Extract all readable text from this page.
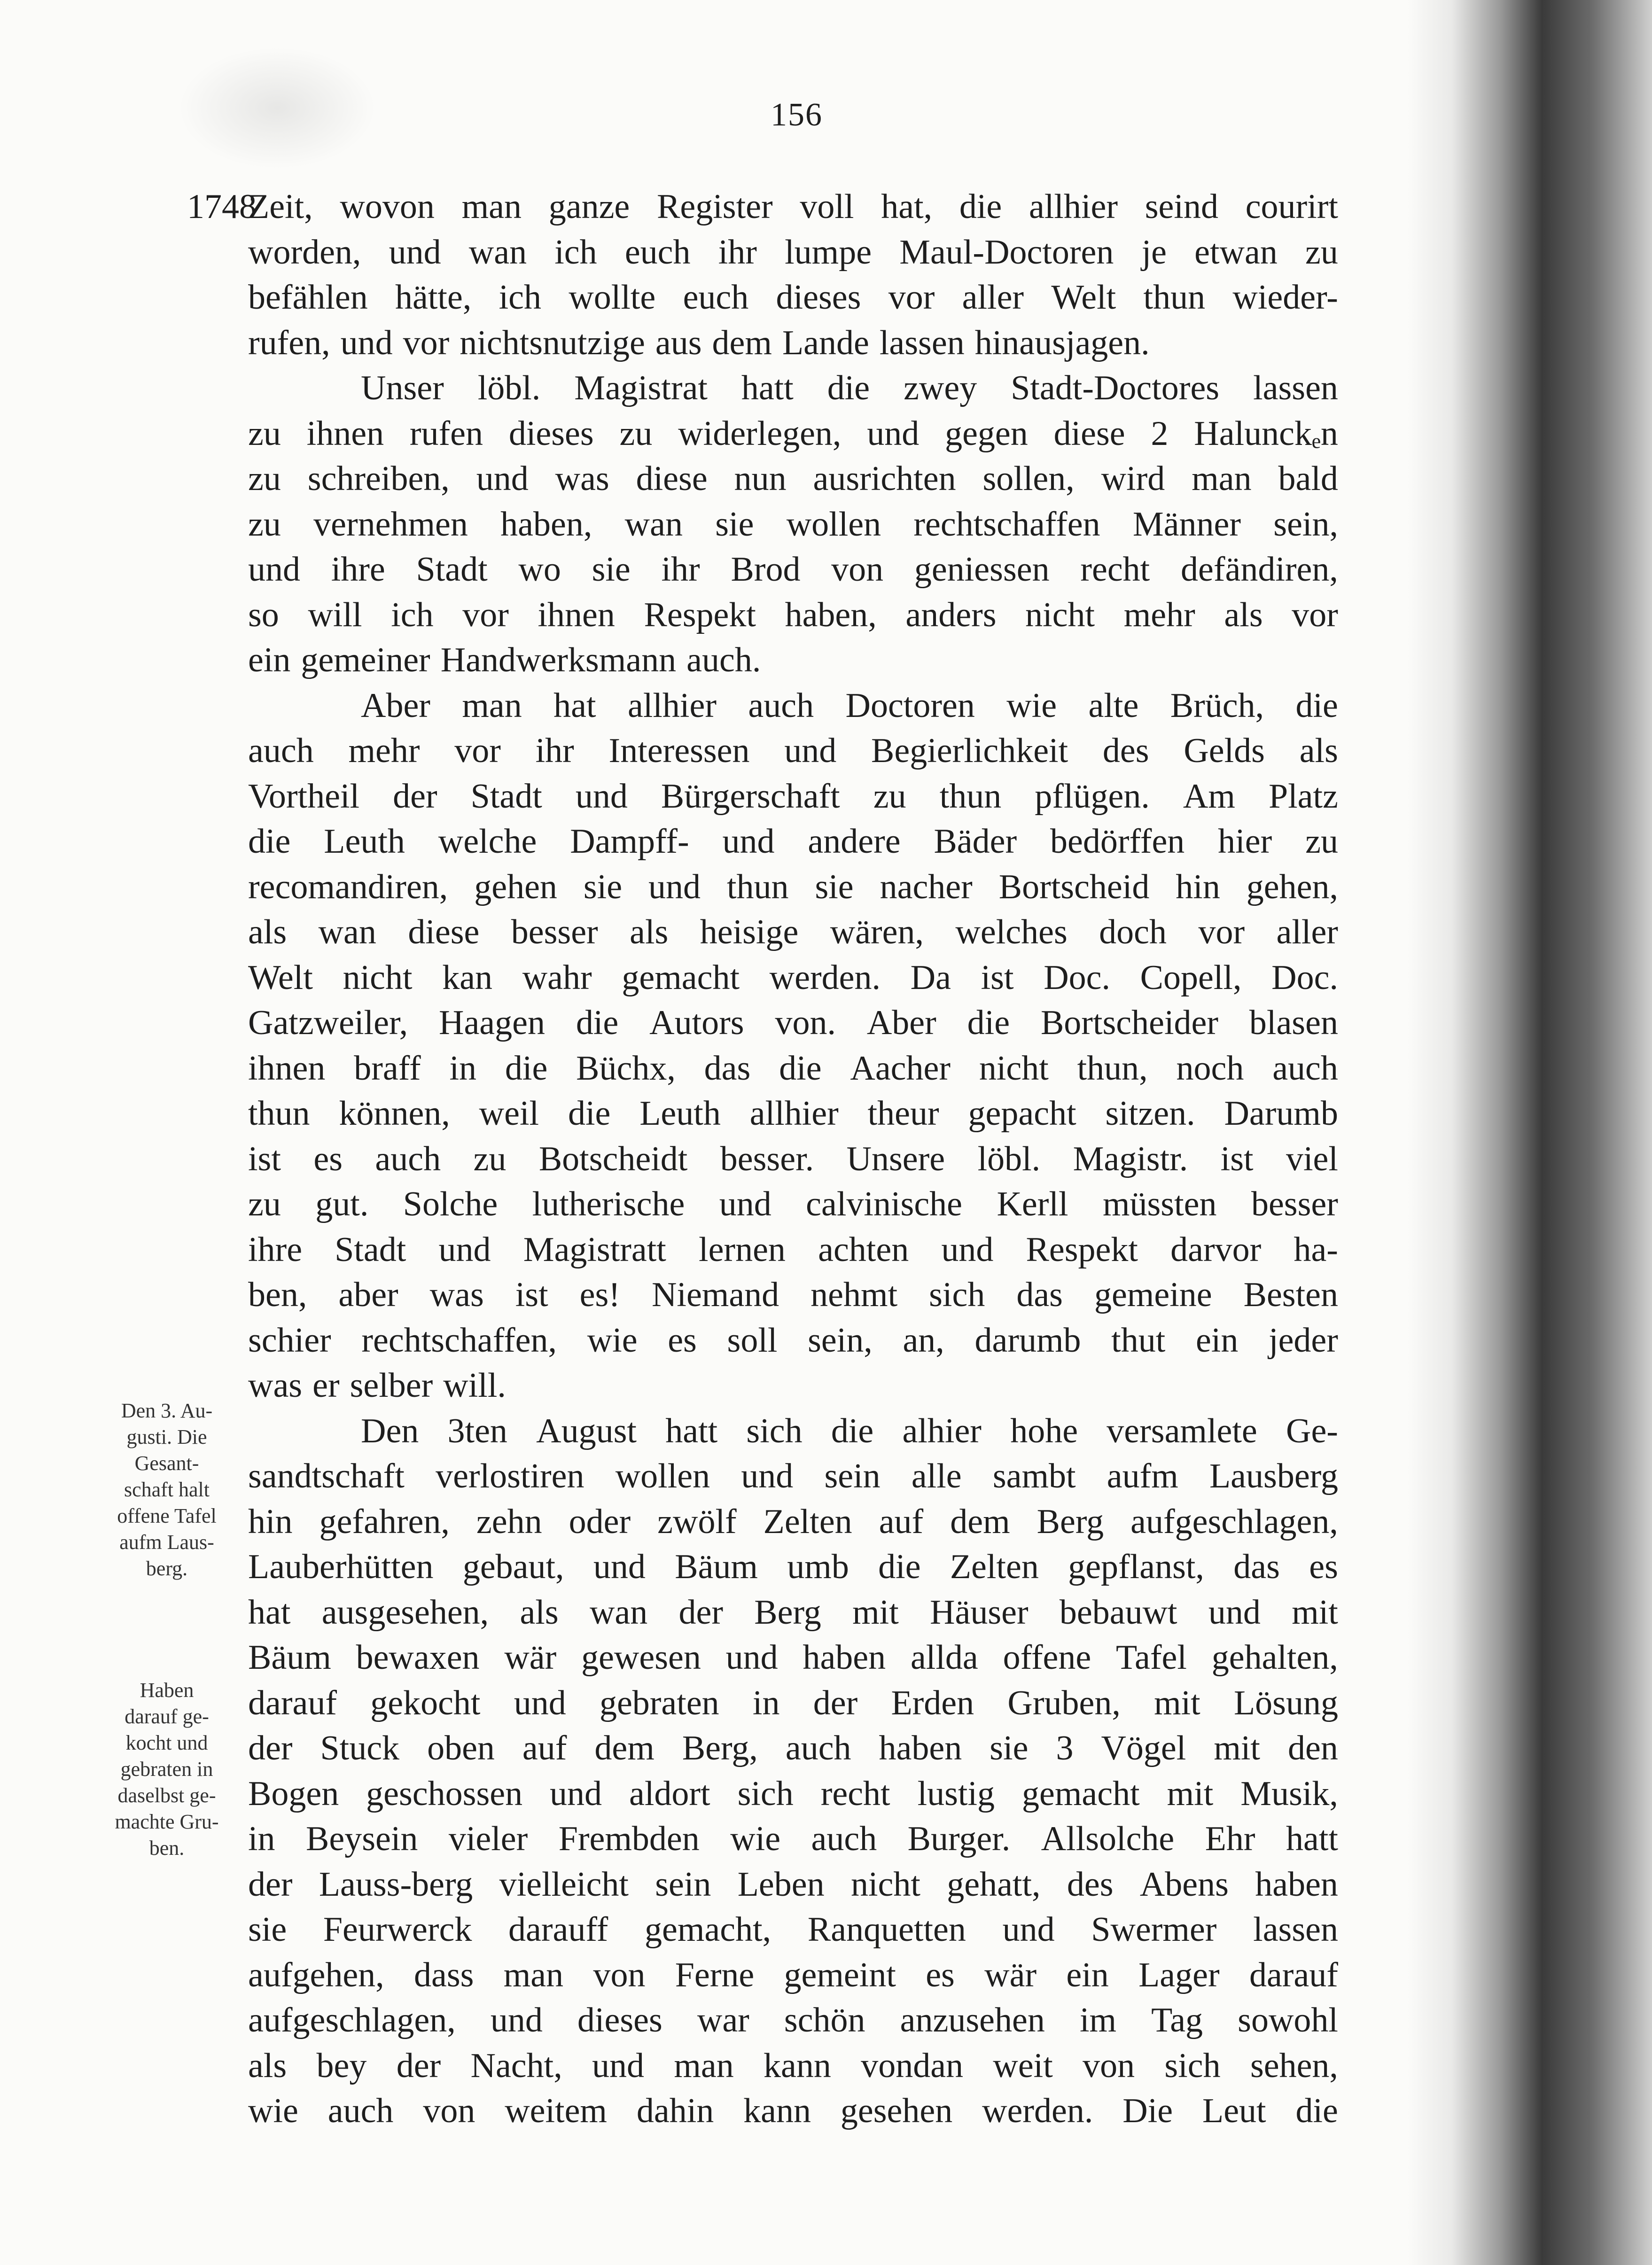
156
1748
Zeit, wovon man ganze Register voll hat, die allhier seind courirt
worden, und wan ich euch ihr lumpe Maul-Doctoren je etwan zu
befählen hätte, ich wollte euch dieses vor aller Welt thun wieder-
rufen, und vor nichtsnutzige aus dem Lande lassen hinausjagen.
Unser löbl. Magistrat hatt die zwey Stadt-Doctores lassen
zu ihnen rufen dieses zu widerlegen, und gegen diese 2 Halunckₑn
zu schreiben, und was diese nun ausrichten sollen, wird man bald
zu vernehmen haben, wan sie wollen rechtschaffen Männer sein,
und ihre Stadt wo sie ihr Brod von geniessen recht defändiren,
so will ich vor ihnen Respekt haben, anders nicht mehr als vor
ein gemeiner Handwerksmann auch.
Aber man hat allhier auch Doctoren wie alte Brüch, die
auch mehr vor ihr Interessen und Begierlichkeit des Gelds als
Vortheil der Stadt und Bürgerschaft zu thun pflügen. Am Platz
die Leuth welche Dampff- und andere Bäder bedörffen hier zu
recomandiren, gehen sie und thun sie nacher Bortscheid hin gehen,
als wan diese besser als heisige wären, welches doch vor aller
Welt nicht kan wahr gemacht werden. Da ist Doc. Copell, Doc.
Gatzweiler, Haagen die Autors von. Aber die Bortscheider blasen
ihnen braff in die Büchx, das die Aacher nicht thun, noch auch
thun können, weil die Leuth allhier theur gepacht sitzen. Darumb
ist es auch zu Botscheidt besser. Unsere löbl. Magistr. ist viel
zu gut. Solche lutherische und calvinische Kerll müssten besser
ihre Stadt und Magistratt lernen achten und Respekt darvor ha-
ben, aber was ist es! Niemand nehmt sich das gemeine Besten
schier rechtschaffen, wie es soll sein, an, darumb thut ein jeder
was er selber will.
Den 3ten August hatt sich die alhier hohe versamlete Ge-
sandtschaft verlostiren wollen und sein alle sambt aufm Lausberg
hin gefahren, zehn oder zwölf Zelten auf dem Berg aufgeschlagen,
Lauberhütten gebaut, und Bäum umb die Zelten gepflanst, das es
hat ausgesehen, als wan der Berg mit Häuser bebauwt und mit
Bäum bewaxen wär gewesen und haben allda offene Tafel gehalten,
darauf gekocht und gebraten in der Erden Gruben, mit Lösung
der Stuck oben auf dem Berg, auch haben sie 3 Vögel mit den
Bogen geschossen und aldort sich recht lustig gemacht mit Musik,
in Beysein vieler Frembden wie auch Burger. Allsolche Ehr hatt
der Lauss-berg vielleicht sein Leben nicht gehatt, des Abens haben
sie Feurwerck darauff gemacht, Ranquetten und Swermer lassen
aufgehen, dass man von Ferne gemeint es wär ein Lager darauf
aufgeschlagen, und dieses war schön anzusehen im Tag sowohl
als bey der Nacht, und man kann vondan weit von sich sehen,
wie auch von weitem dahin kann gesehen werden. Die Leut die
Den 3. Au-
gusti. Die
Gesant-
schaft halt
offene Tafel
aufm Laus-
berg.
Haben
darauf ge-
kocht und
gebraten in
daselbst ge-
machte Gru-
ben.
